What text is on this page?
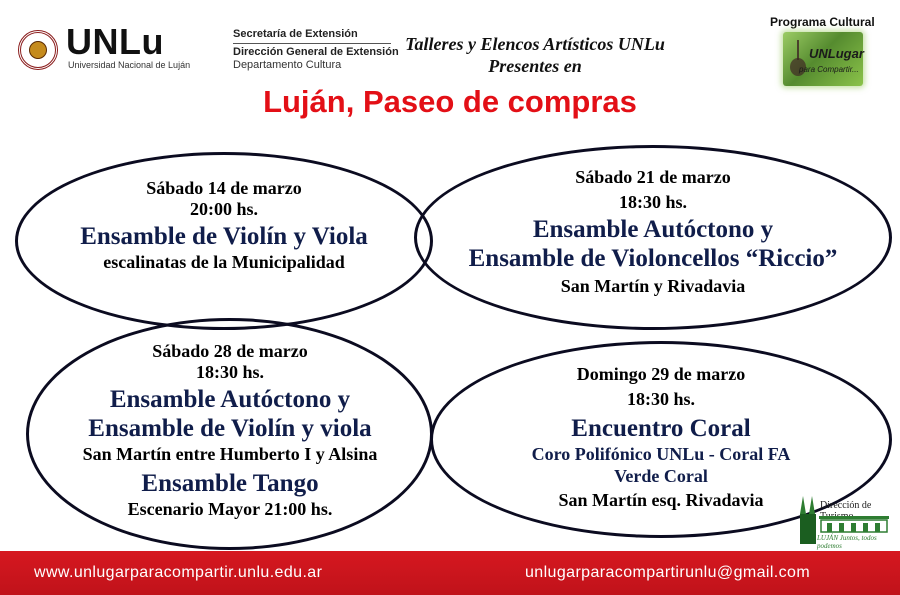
UNLu
Universidad Nacional de Luján
Secretaría de Extensión
Dirección General de Extensión
Departamento Cultura
Talleres y Elencos Artísticos UNLu
Presentes en
Programa Cultural
UNLugar
para Compartir...
Luján, Paseo de compras
Sábado 14 de marzo
20:00 hs.
Ensamble de Violín y Viola
escalinatas de la Municipalidad
Sábado 21 de marzo
18:30 hs.
Ensamble Autóctono y
Ensamble de Violoncellos “Riccio”
San Martín y Rivadavia
Sábado 28 de marzo
18:30 hs.
Ensamble Autóctono y
Ensamble de Violín y viola
San Martín entre Humberto I y Alsina
Ensamble Tango
Escenario Mayor 21:00 hs.
Domingo 29 de marzo
18:30 hs.
Encuentro Coral
Coro Polifónico UNLu - Coral FA
Verde Coral
San Martín esq. Rivadavia	Dirección de
LUJÁN Juntos, todos podemos
www.unlugarparacompartir.unlu.edu.ar	unlugarparacompartirunlu@gmail.com
